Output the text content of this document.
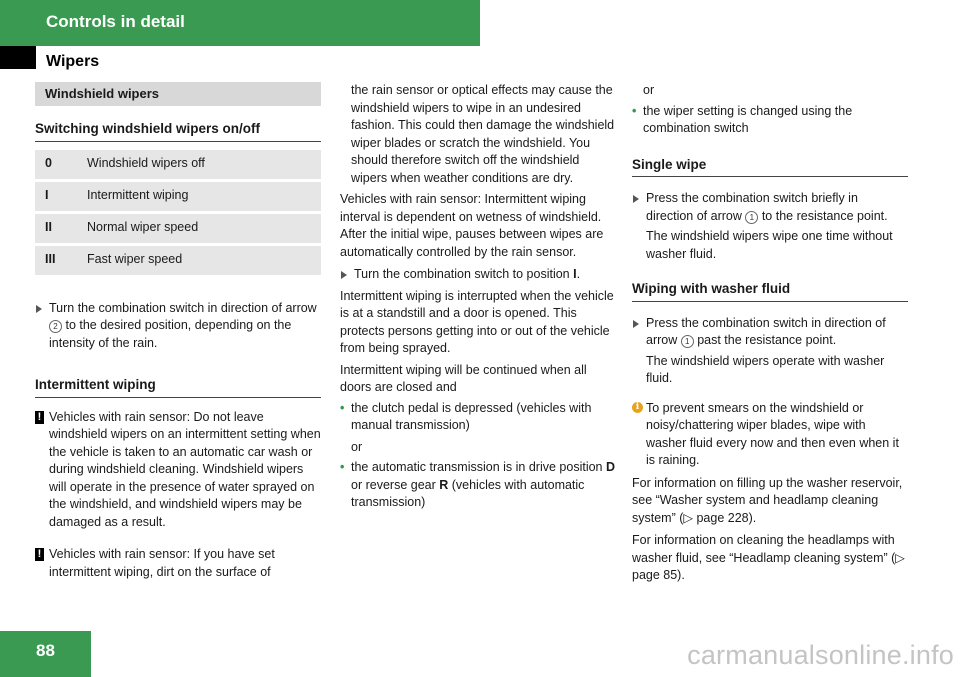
Controls in detail
Wipers
Windshield wipers
Switching windshield wipers on/off
0	Windshield wipers off
I	Intermittent wiping
II	Normal wiper speed
III	Fast wiper speed

Turn the combination switch in direction of arrow 2 to the desired position, depending on the intensity of the rain.

Intermittent wiping

! Vehicles with rain sensor: Do not leave windshield wipers on an intermittent setting when the vehicle is taken to an automatic car wash or during windshield cleaning. Windshield wipers will operate in the presence of water sprayed on the windshield, and windshield wipers may be damaged as a result.

! Vehicles with rain sensor: If you have set intermittent wiping, dirt on the surface of

the rain sensor or optical effects may cause the windshield wipers to wipe in an undesired fashion. This could then damage the windshield wiper blades or scratch the windshield. You should therefore switch off the windshield wipers when weather conditions are dry.

Vehicles with rain sensor: Intermittent wiping interval is dependent on wetness of windshield. After the initial wipe, pauses between wipes are automatically controlled by the rain sensor.

Turn the combination switch to position I.

Intermittent wiping is interrupted when the vehicle is at a standstill and a door is opened. This protects persons getting into or out of the vehicle from being sprayed.

Intermittent wiping will be continued when all doors are closed and

• the clutch pedal is depressed (vehicles with manual transmission)

or

• the automatic transmission is in drive position D or reverse gear R (vehicles with automatic transmission)

or

• the wiper setting is changed using the combination switch

Single wipe

Press the combination switch briefly in direction of arrow 1 to the resistance point.

The windshield wipers wipe one time without washer fluid.

Wiping with washer fluid

Press the combination switch in direction of arrow 1 past the resistance point.

The windshield wipers operate with washer fluid.

i To prevent smears on the windshield or noisy/chattering wiper blades, wipe with washer fluid every now and then even when it is raining.

For information on filling up the washer reservoir, see “Washer system and headlamp cleaning system” (▷ page 228).

For information on cleaning the headlamps with washer fluid, see “Headlamp cleaning system” (▷ page 85).

88	carmanualsonline.info
